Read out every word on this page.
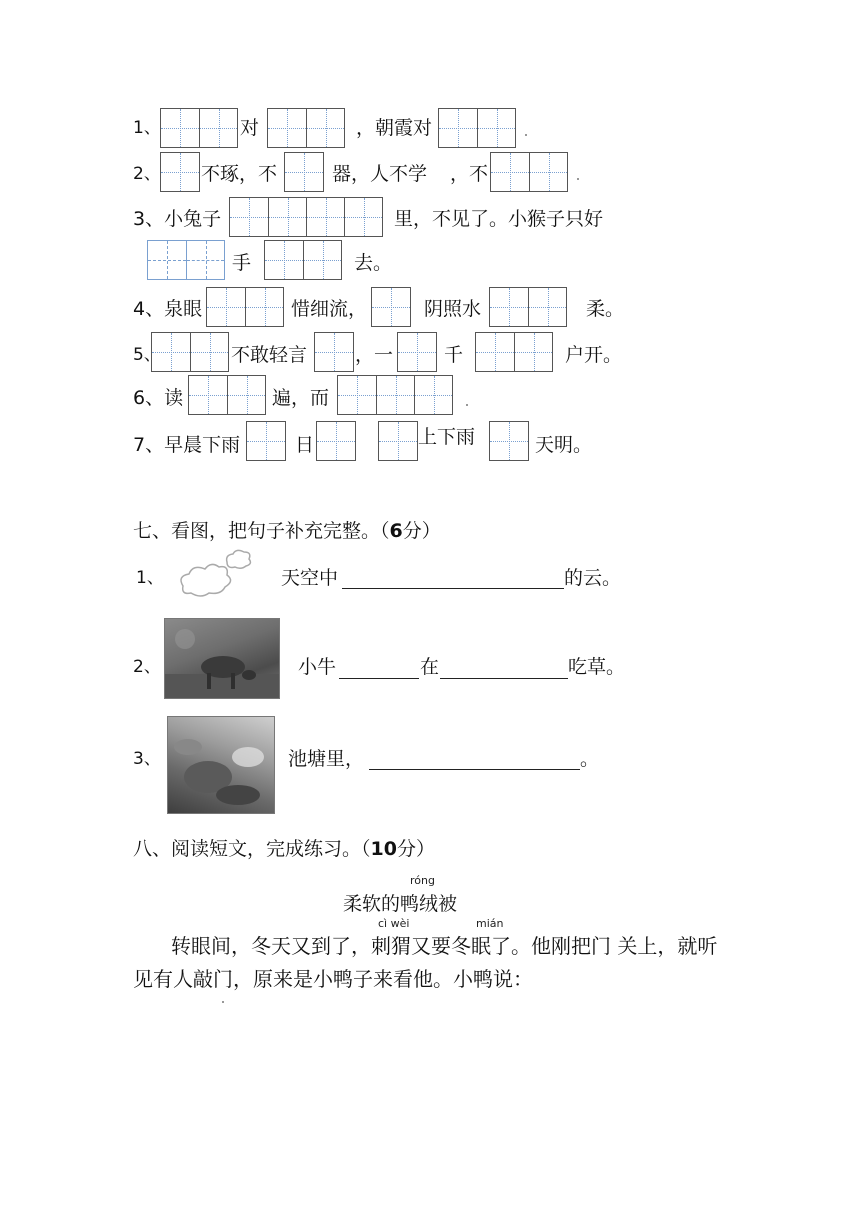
1、	对	，朝霞对
2、 不琢，不	器，人不学 ，不
3、小兔子	里，不见了。小猴子只好
手	去。
4、泉眼	惜细流，	阴照水	柔。
5、	不敢轻言	，一	千	户开。
6、读	遍，而
7、早晨下雨	日	上下雨	天明。
七、看图，把句子补充完整。（6分）
1、	天空中	的云。
2、	小牛	在	吃草。
3、	池塘里，	。
八、阅读短文，完成练习。（10分）
róng
柔软的鸭绒被
cì wèi	mián
转眼间，冬天又到了，刺猬又要冬眠了。他刚把门 关上，就听
见有人敲门，原来是小鸭子来看他。小鸭说：
